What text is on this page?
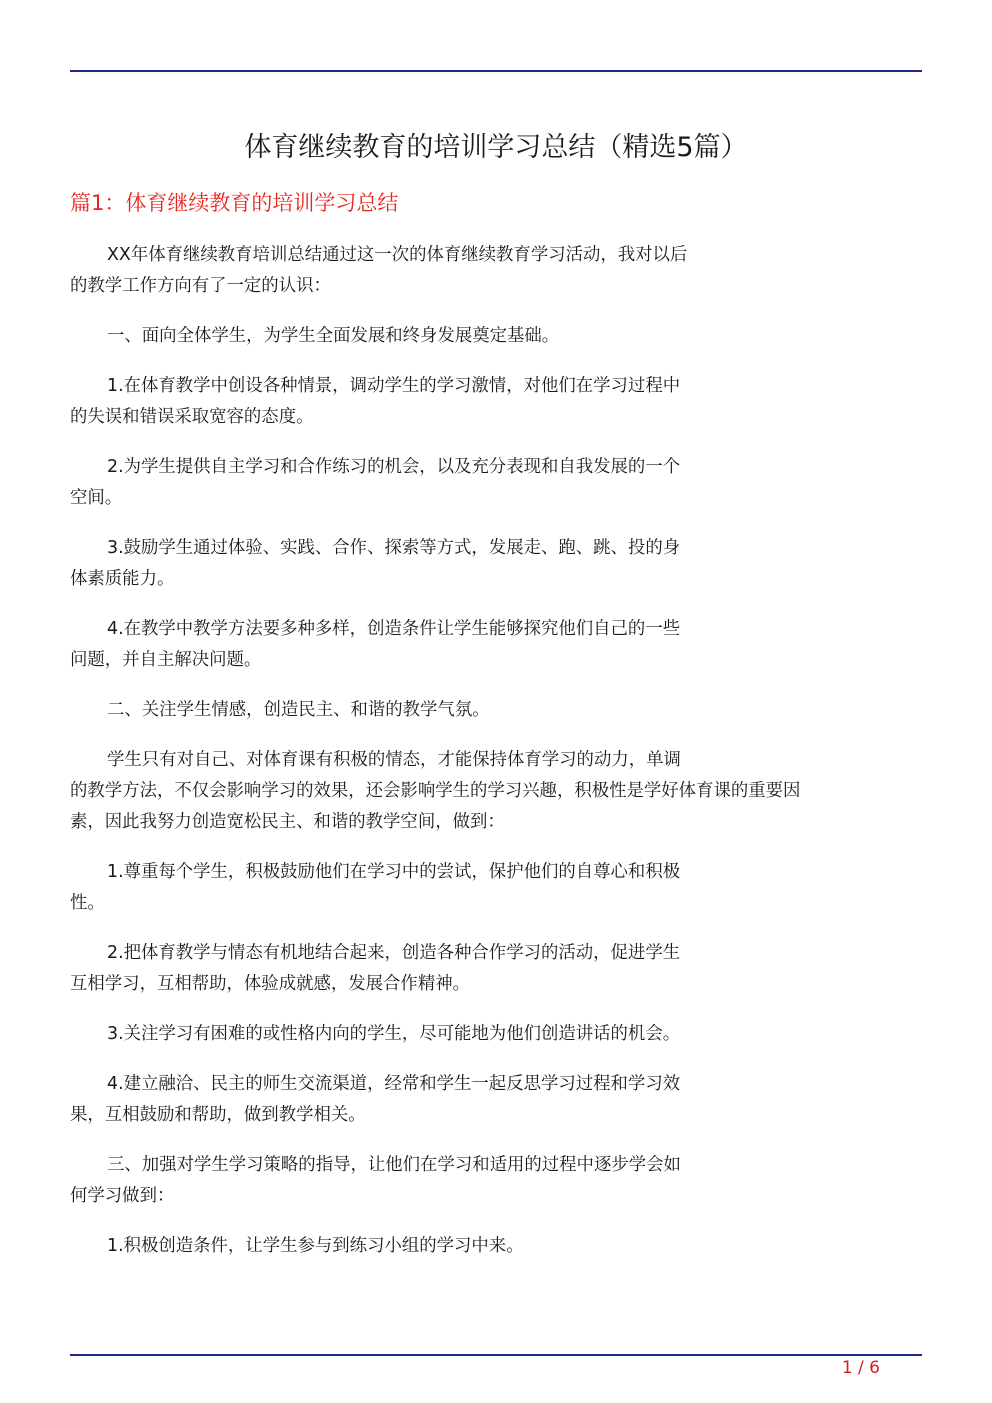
体育继续教育的培训学习总结（精选5篇）
篇1：体育继续教育的培训学习总结
XX年体育继续教育培训总结通过这一次的体育继续教育学习活动，我对以后
的教学工作方向有了一定的认识：
一、面向全体学生，为学生全面发展和终身发展奠定基础。
1.在体育教学中创设各种情景，调动学生的学习激情，对他们在学习过程中
的失误和错误采取宽容的态度。
2.为学生提供自主学习和合作练习的机会，以及充分表现和自我发展的一个
空间。
3.鼓励学生通过体验、实践、合作、探索等方式，发展走、跑、跳、投的身
体素质能力。
4.在教学中教学方法要多种多样，创造条件让学生能够探究他们自己的一些
问题，并自主解决问题。
二、关注学生情感，创造民主、和谐的教学气氛。
学生只有对自己、对体育课有积极的情态，才能保持体育学习的动力，单调
的教学方法，不仅会影响学习的效果，还会影响学生的学习兴趣，积极性是学好体育课的重要因
素，因此我努力创造宽松民主、和谐的教学空间，做到：
1.尊重每个学生，积极鼓励他们在学习中的尝试，保护他们的自尊心和积极
性。
2.把体育教学与情态有机地结合起来，创造各种合作学习的活动，促进学生
互相学习，互相帮助，体验成就感，发展合作精神。
3.关注学习有困难的或性格内向的学生，尽可能地为他们创造讲话的机会。
4.建立融洽、民主的师生交流渠道，经常和学生一起反思学习过程和学习效
果，互相鼓励和帮助，做到教学相关。
三、加强对学生学习策略的指导，让他们在学习和适用的过程中逐步学会如
何学习做到：
1.积极创造条件，让学生参与到练习小组的学习中来。
1 / 6
